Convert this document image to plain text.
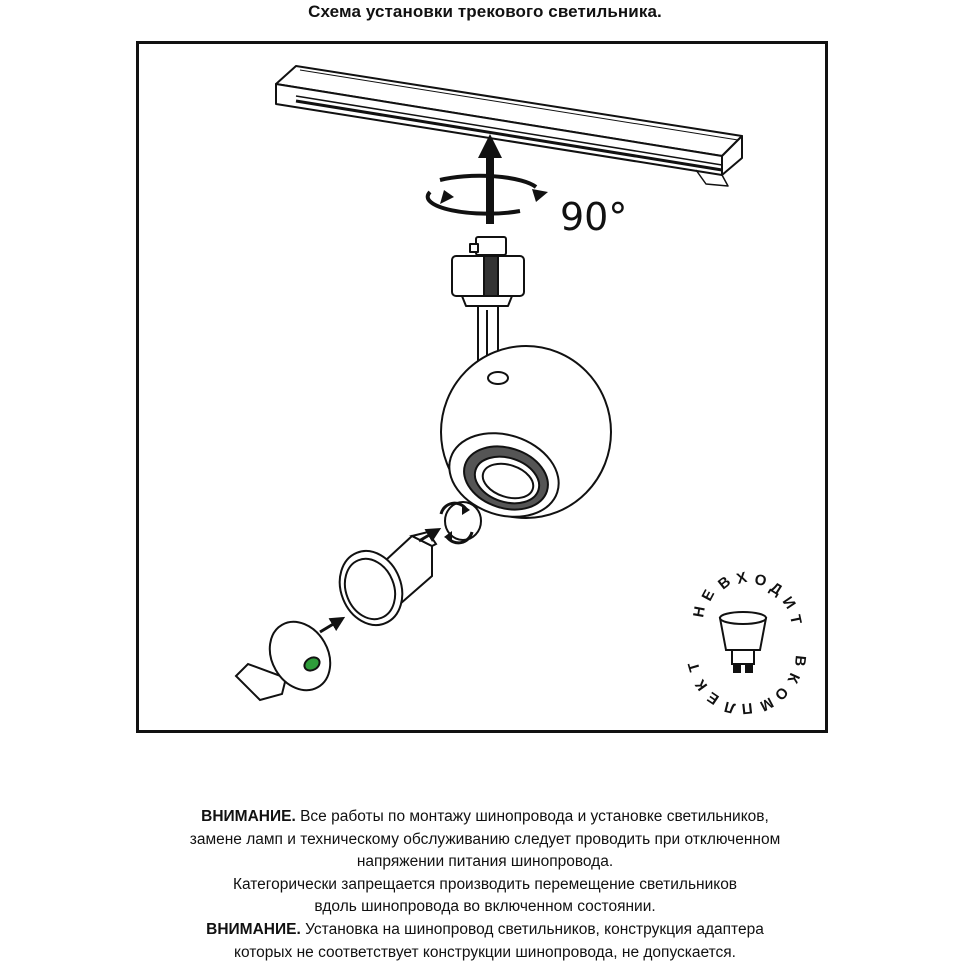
Схема установки трекового светильника.
90°
Н
Е
В Х О Д
И
Т
В
К
О
М
П
Л
Е
К
Т

ВНИМАНИЕ. Все работы по монтажу шинопровода и установке светильников,

замене ламп и техническому обслуживанию следует проводить при отключенном

напряжении питания шинопровода.

Категорически запрещается производить перемещение светильников

вдоль шинопровода во включенном состоянии.

ВНИМАНИЕ. Установка на шинопровод светильников, конструкция адаптера

которых не соответствует конструкции шинопровода, не допускается.
